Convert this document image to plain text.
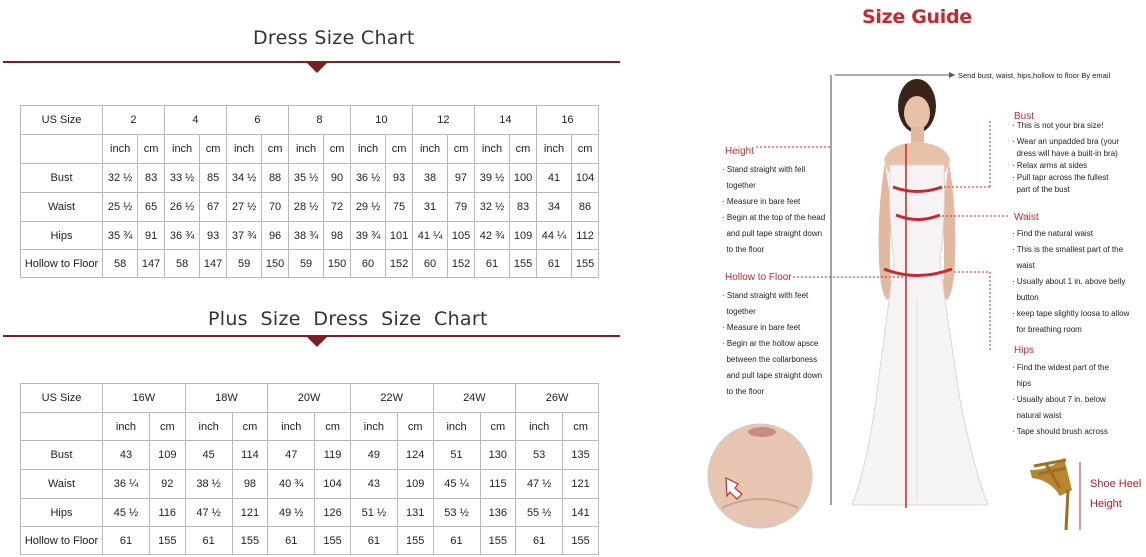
Dress Size Chart
US Size	2		4		6		8		10		12		14		16	
	inch	cm	inch	cm	inch	cm	inch	cm	inch	cm	inch	cm	inch	cm	inch	cm
Bust	32 ½	83	33 ½	85	34 ½	88	35 ½	90	36 ½	93	38	97	39 ½	100	41	104
Waist	25 ½	65	26 ½	67	27 ½	70	28 ½	72	29 ½	75	31	79	32 ½	83	34	86
Hips	35 ¾	91	36 ¾	93	37 ¾	96	38 ¾	98	39 ¾	101	41 ¼	105	42 ¾	109	44 ¼	112
Hollow to Floor	58	147	58	147	59	150	59	150	60	152	60	152	61	155	61	155
Plus  Size  Dress  Size  Chart
US Size	16W		18W		20W		22W		24W		26W	
	inch	cm	inch	cm	inch	cm	inch	cm	inch	cm	inch	cm
Bust	43	109	45	114	47	119	49	124	51	130	53	135
Waist	36 ¼	92	38 ½	98	40 ¾	104	43	109	45 ¼	115	47 ½	121
Hips	45 ½	116	47 ½	121	49 ½	126	51 ½	131	53 ½	136	55 ½	141
Hollow to Floor	61	155	61	155	61	155	61	155	61	155	61	155
Size Guide
Send bust, waist, hips,hollow to floor By email
Height
· Stand straight with fell
together
· Measure in bare feet
· Begin at the top of the head
and pull tape straight down
to the floor
Hollow to Floor
· Stand straight with feet
together
· Measure in bare feet
· Begin ar the hollow apsce
between the collarboness
and pull tape straight down
to the floor
Bust
· This is not your bra size!
· Wear an unpadded bra (your
dress will have a built-in bra)
· Relax arms at sides
· Pull tapr across the fullest
part of the bust
Waist
· Find the natural waist
· This is the smallest part of the
waist
· Usually about 1 in. above belly
button
· keep tape slightly loosa to allow
for breathing room
Hips
· Find the widest part of the
hips
· Usually about 7 in. below
natural waist
· Tape should brush across
Shoe Heel
Height
